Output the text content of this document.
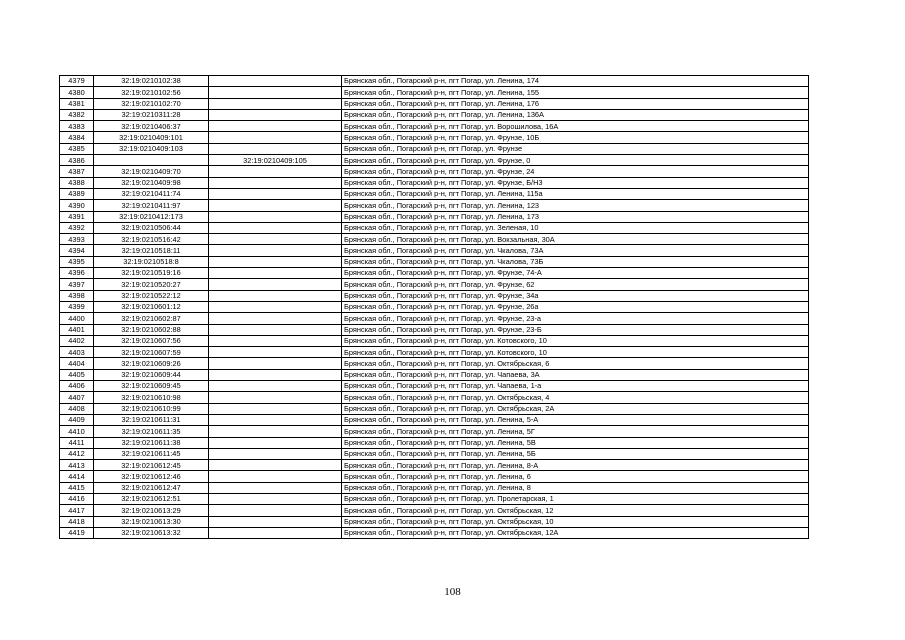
4379	32:19:0210102:38		Брянская обл., Погарский р-н, пгт Погар, ул. Ленина, 174
4380	32:19:0210102:56		Брянская обл., Погарский р-н, пгт Погар, ул. Ленина, 155
4381	32:19:0210102:70		Брянская обл., Погарский р-н, пгт Погар, ул. Ленина, 176
4382	32:19:0210311:28		Брянская обл., Погарский р-н, пгт Погар, ул. Ленина, 136А
4383	32:19:0210406:37		Брянская обл., Погарский р-н, пгт Погар, ул. Ворошилова, 16А
4384	32:19:0210409:101		Брянская обл., Погарский р-н, пгт Погар, ул. Фрунзе, 10Б
4385	32:19:0210409:103		Брянская обл., Погарский р-н, пгт Погар, ул. Фрунзе
4386		32:19:0210409:105	Брянская обл., Погарский р-н, пгт Погар, ул. Фрунзе, 0
4387	32:19:0210409:70		Брянская обл., Погарский р-н, пгт Погар, ул. Фрунзе, 24
4388	32:19:0210409:98		Брянская обл., Погарский р-н, пгт Погар, ул. Фрунзе, Б/Н3
4389	32:19:0210411:74		Брянская обл., Погарский р-н, пгт Погар, ул. Ленина, 115а
4390	32:19:0210411:97		Брянская обл., Погарский р-н, пгт Погар, ул. Ленина, 123
4391	32:19:0210412:173		Брянская обл., Погарский р-н, пгт Погар, ул. Ленина, 173
4392	32:19:0210506:44		Брянская обл., Погарский р-н, пгт Погар, ул. Зеленая, 10
4393	32:19:0210516:42		Брянская обл., Погарский р-н, пгт Погар, ул. Вокзальная, 30А
4394	32:19:0210518:11		Брянская обл., Погарский р-н, пгт Погар, ул. Чкалова, 73А
4395	32:19:0210518:8		Брянская обл., Погарский р-н, пгт Погар, ул. Чкалова, 73Б
4396	32:19:0210519:16		Брянская обл., Погарский р-н, пгт Погар, ул. Фрунзе, 74-А
4397	32:19:0210520:27		Брянская обл., Погарский р-н, пгт Погар, ул. Фрунзе, 62
4398	32:19:0210522:12		Брянская обл., Погарский р-н, пгт Погар, ул. Фрунзе, 34а
4399	32:19:0210601:12		Брянская обл., Погарский р-н, пгт Погар, ул. Фрунзе, 26а
4400	32:19:0210602:87		Брянская обл., Погарский р-н, пгт Погар, ул. Фрунзе, 23-а
4401	32:19:0210602:88		Брянская обл., Погарский р-н, пгт Погар, ул. Фрунзе, 23-Б
4402	32:19:0210607:56		Брянская обл., Погарский р-н, пгт Погар, ул. Котовского, 10
4403	32:19:0210607:59		Брянская обл., Погарский р-н, пгт Погар, ул. Котовского, 10
4404	32:19:0210609:26		Брянская обл., Погарский р-н, пгт Погар, ул. Октябрьская, 6
4405	32:19:0210609:44		Брянская обл., Погарский р-н, пгт Погар, ул. Чапаева, 3А
4406	32:19:0210609:45		Брянская обл., Погарский р-н, пгт Погар, ул. Чапаева, 1-а
4407	32:19:0210610:98		Брянская обл., Погарский р-н, пгт Погар, ул. Октябрьская, 4
4408	32:19:0210610:99		Брянская обл., Погарский р-н, пгт Погар, ул. Октябрьская, 2А
4409	32:19:0210611:31		Брянская обл., Погарский р-н, пгт Погар, ул. Ленина, 5-А
4410	32:19:0210611:35		Брянская обл., Погарский р-н, пгт Погар, ул. Ленина, 5Г
4411	32:19:0210611:38		Брянская обл., Погарский р-н, пгт Погар, ул. Ленина, 5В
4412	32:19:0210611:45		Брянская обл., Погарский р-н, пгт Погар, ул. Ленина, 5Б
4413	32:19:0210612:45		Брянская обл., Погарский р-н, пгт Погар, ул. Ленина, 8-А
4414	32:19:0210612:46		Брянская обл., Погарский р-н, пгт Погар, ул. Ленина, 6
4415	32:19:0210612:47		Брянская обл., Погарский р-н, пгт Погар, ул. Ленина, 8
4416	32:19:0210612:51		Брянская обл., Погарский р-н, пгт Погар, ул. Пролетарская, 1
4417	32:19:0210613:29		Брянская обл., Погарский р-н, пгт Погар, ул. Октябрьская, 12
4418	32:19:0210613:30		Брянская обл., Погарский р-н, пгт Погар, ул. Октябрьская, 10
4419	32:19:0210613:32		Брянская обл., Погарский р-н, пгт Погар, ул. Октябрьская, 12А
108
